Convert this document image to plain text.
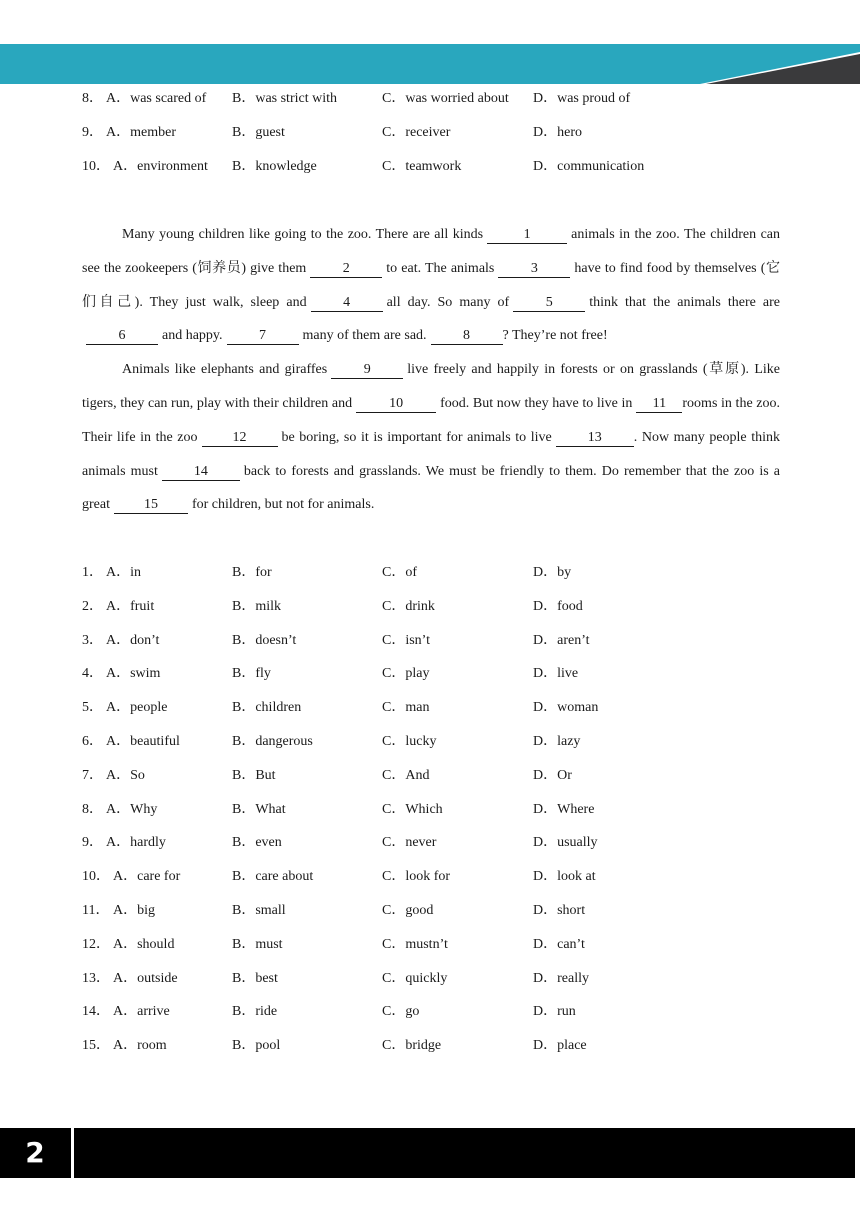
8． A．was scared of B．was strict with	C．was worried about D．was proud of
9． A．member	B．guest	C．receiver	D．hero
10． A．environment B．knowledge	C．teamwork	D．communication

Many young children like going to the zoo. There are all kinds	1	animals in the zoo. The children can see the zookeepers (饲养员) give them	2	to eat. The animals	3	have to find food by themselves (它们自己). They just walk, sleep and	4	all day. So many of	5	think that the animals there are6	and happy.	7	many of them are sad.	8 ? They’re not free!

Animals like elephants and giraffes	9	live freely and happily in forests or on grasslands (草原). Like tigers, they can run, play with their children and	10	food. But now they have to live in 11 rooms in the zoo. Their life in the zoo	12	be boring, so it is important for animals to live	13 . Now many people think animals must	14	back to forests and grasslands. We must be friendly to them. Do remember that the zoo is a great 15 for children, but not for animals.

1． A．in	B．for	C．of	D．by
2． A．fruit	B．milk	C．drink	D．food
3． A．don’t	B．doesn’t	C．isn’t	D．aren’t
4． A．swim	B．fly	C．play	D．live
5． A．people	B．children	C．man	D．woman
6． A．beautiful	B．dangerous	C．lucky	D．lazy
7． A．So	B．But	C．And	D．Or
8． A．Why	B．What	C．Which	D．Where
9． A．hardly	B．even	C．never	D．usually
10． A．care for	B．care about	C．look for	D．look at
11． A．big	B．small	C．good	D．short
12． A．should	B．must	C．mustn’t	D．can’t
13． A．outside	B．best	C．quickly	D．really
14． A．arrive	B．ride	C．go	D．run
15． A．room	B．pool	C．bridge	D．place
2
